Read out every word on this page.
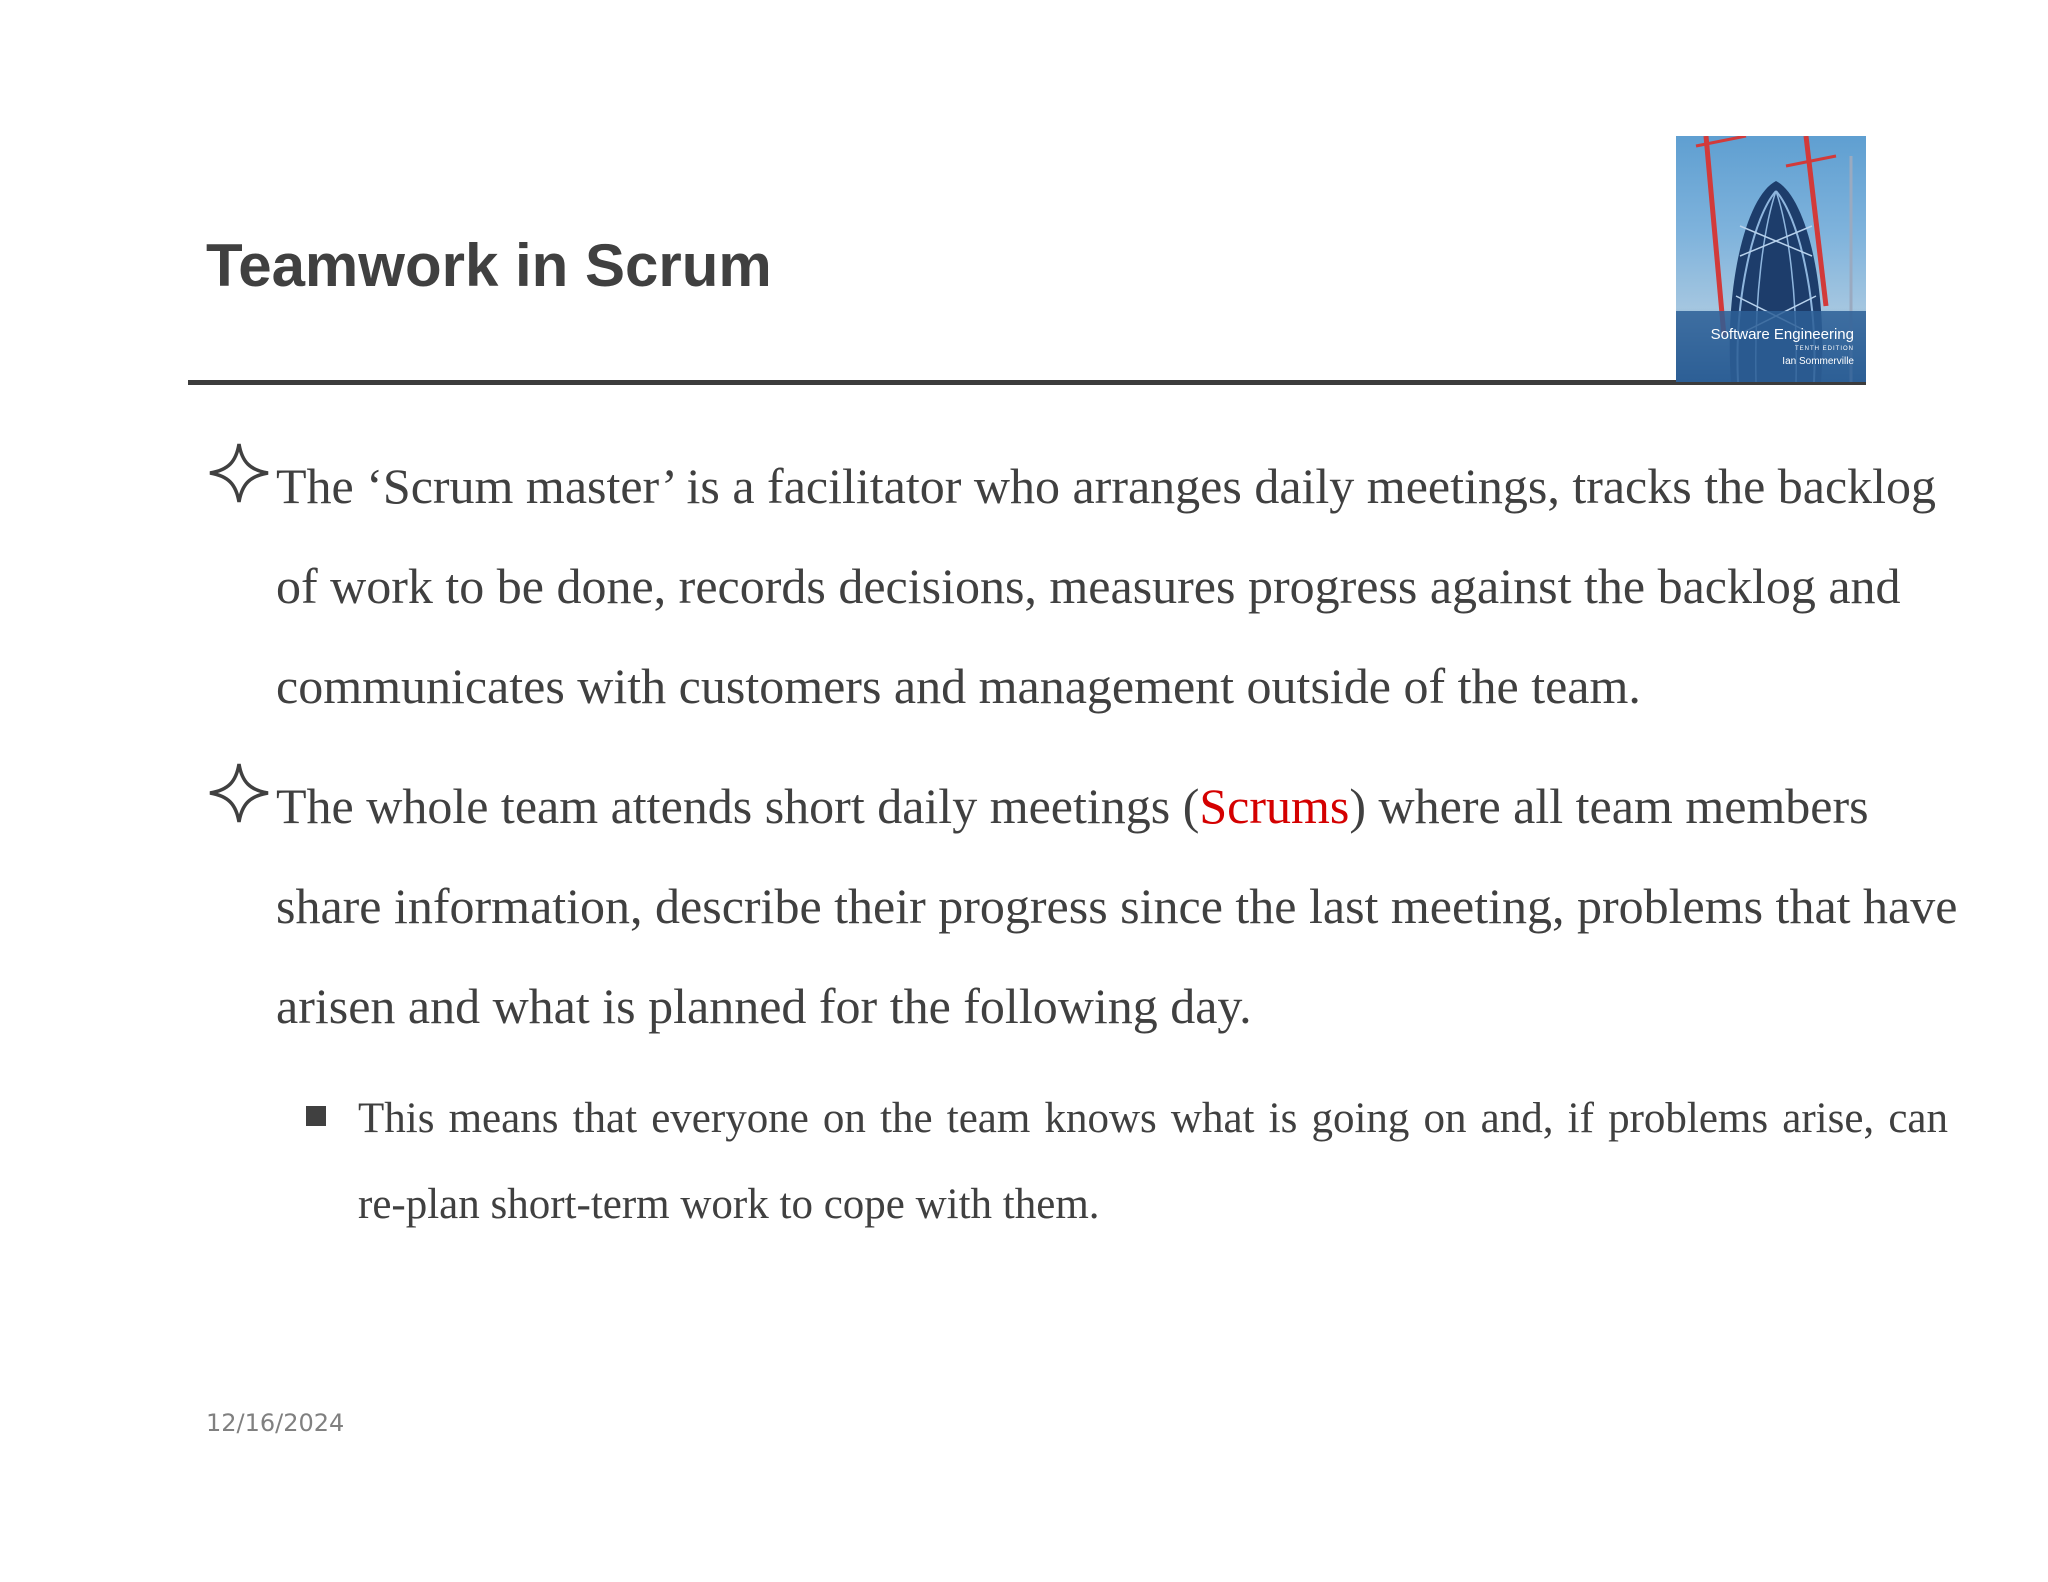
Teamwork in Scrum
Software Engineering
TENTH EDITION
Ian Sommerville
The ‘Scrum master’ is a facilitator who arranges daily meetings, tracks the backlog of work to be done, records decisions, measures progress against the backlog and communicates with customers and management outside of the team.
The whole team attends short daily meetings (Scrums) where all team members share information, describe their progress since the last meeting, problems that have arisen and what is planned for the following day.
This means that everyone on the team knows what is going on and, if problems arise, can re-plan short-term work to cope with them.
12/16/2024
